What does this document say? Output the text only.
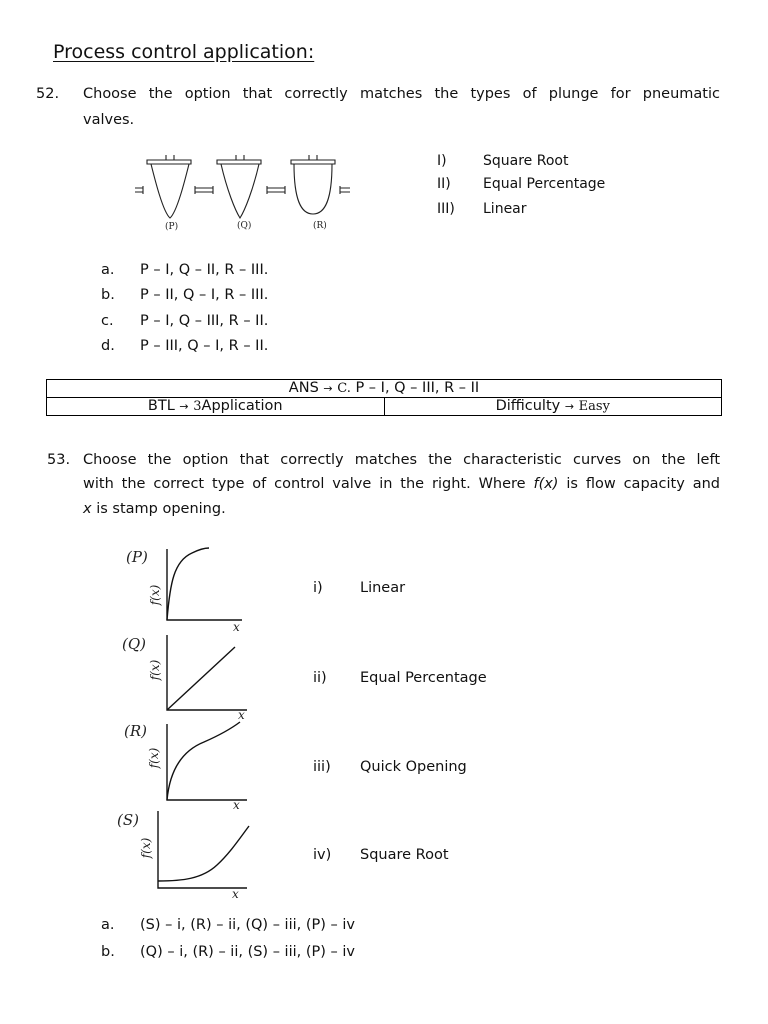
Process control application:
52. Choose the option that correctly matches the types of plunge for pneumatic
valves.
(P)	(Q)	(R)
I)	Square Root
II) Equal Percentage
III) Linear
a. P – I, Q – II, R – III.
b. P – II, Q – I, R – III.
c. P – I, Q – III, R – II.
d. P – III, Q – I, R – II.
ANS → C. P – I, Q – III, R – II
BTL → 3Application	Difficulty → Easy
53. Choose the option that correctly matches the characteristic curves on the left
with the correct type of control valve in the right. Where f(x) is flow capacity and
x is stamp opening.
(P)
f(x)
x
(Q)
f(x)
x
(R)
f(x)
x
(S)
f(x)
x
i)	Linear
ii) Equal Percentage
iii) Quick Opening
iv) Square Root
a. (S) – i, (R) – ii, (Q) – iii, (P) – iv
b. (Q) – i, (R) – ii, (S) – iii, (P) – iv
